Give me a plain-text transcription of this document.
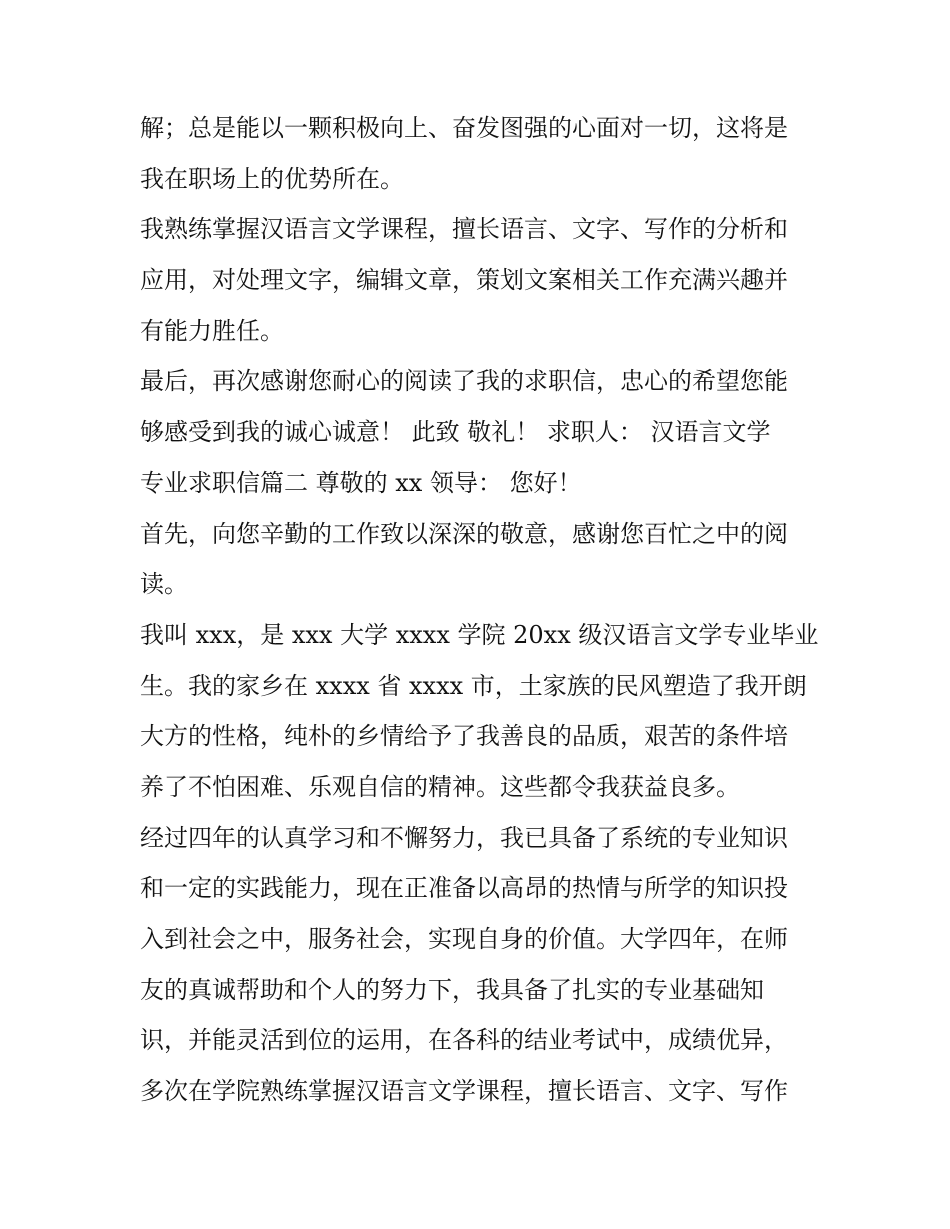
解；总是能以一颗积极向上、奋发图强的心面对一切，这将是
我在职场上的优势所在。
我熟练掌握汉语言文学课程，擅长语言、文字、写作的分析和
应用，对处理文字，编辑文章，策划文案相关工作充满兴趣并
有能力胜任。
最后，再次感谢您耐心的阅读了我的求职信，忠心的希望您能
够感受到我的诚心诚意！ 此致 敬礼！ 求职人： 汉语言文学
专业求职信篇二 尊敬的 xx 领导： 您好！
首先，向您辛勤的工作致以深深的敬意，感谢您百忙之中的阅
读。
我叫 xxx，是 xxx 大学 xxxx 学院 20xx 级汉语言文学专业毕业
生。我的家乡在 xxxx 省 xxxx 市，土家族的民风塑造了我开朗
大方的性格，纯朴的乡情给予了我善良的品质，艰苦的条件培
养了不怕困难、乐观自信的精神。这些都令我获益良多。
经过四年的认真学习和不懈努力，我已具备了系统的专业知识
和一定的实践能力，现在正准备以高昂的热情与所学的知识投
入到社会之中，服务社会，实现自身的价值。大学四年，在师
友的真诚帮助和个人的努力下，我具备了扎实的专业基础知
识，并能灵活到位的运用，在各科的结业考试中，成绩优异，
多次在学院熟练掌握汉语言文学课程，擅长语言、文字、写作
